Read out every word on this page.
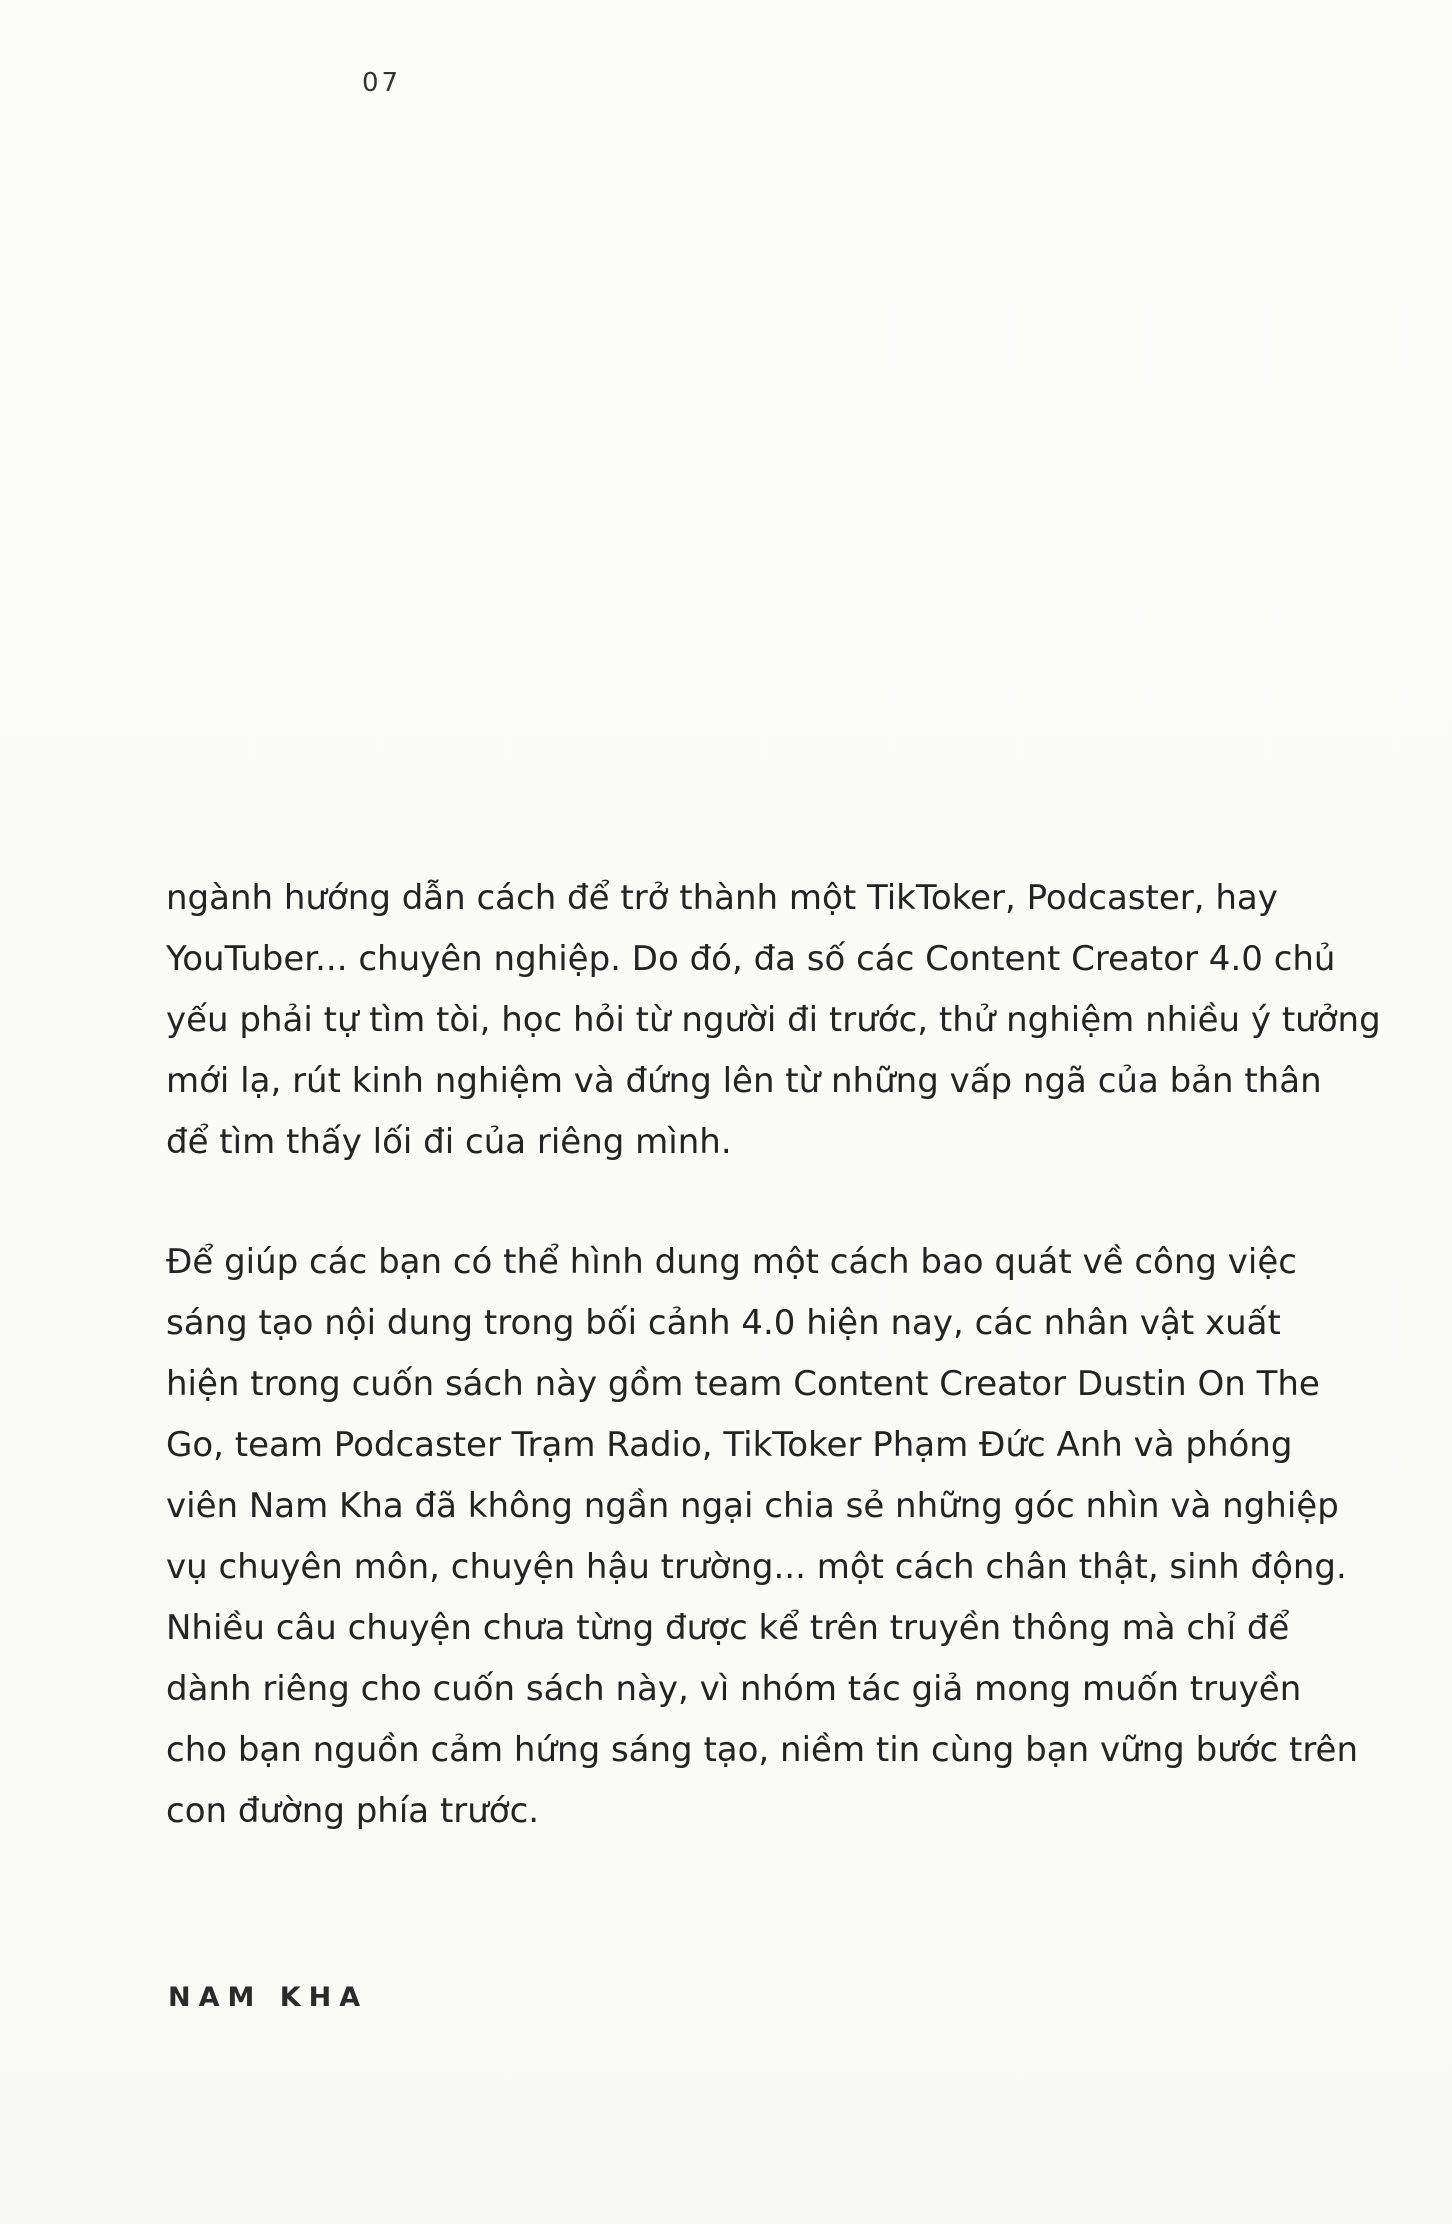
07

ngành hướng dẫn cách để trở thành một TikToker, Podcaster, hay
YouTuber... chuyên nghiệp. Do đó, đa số các Content Creator 4.0 chủ
yếu phải tự tìm tòi, học hỏi từ người đi trước, thử nghiệm nhiều ý tưởng
mới lạ, rút kinh nghiệm và đứng lên từ những vấp ngã của bản thân
để tìm thấy lối đi của riêng mình.

Để giúp các bạn có thể hình dung một cách bao quát về công việc
sáng tạo nội dung trong bối cảnh 4.0 hiện nay, các nhân vật xuất
hiện trong cuốn sách này gồm team Content Creator Dustin On The
Go, team Podcaster Trạm Radio, TikToker Phạm Đức Anh và phóng
viên Nam Kha đã không ngần ngại chia sẻ những góc nhìn và nghiệp
vụ chuyên môn, chuyện hậu trường... một cách chân thật, sinh động.
Nhiều câu chuyện chưa từng được kể trên truyền thông mà chỉ để
dành riêng cho cuốn sách này, vì nhóm tác giả mong muốn truyền
cho bạn nguồn cảm hứng sáng tạo, niềm tin cùng bạn vững bước trên
con đường phía trước.

NAM KHA
